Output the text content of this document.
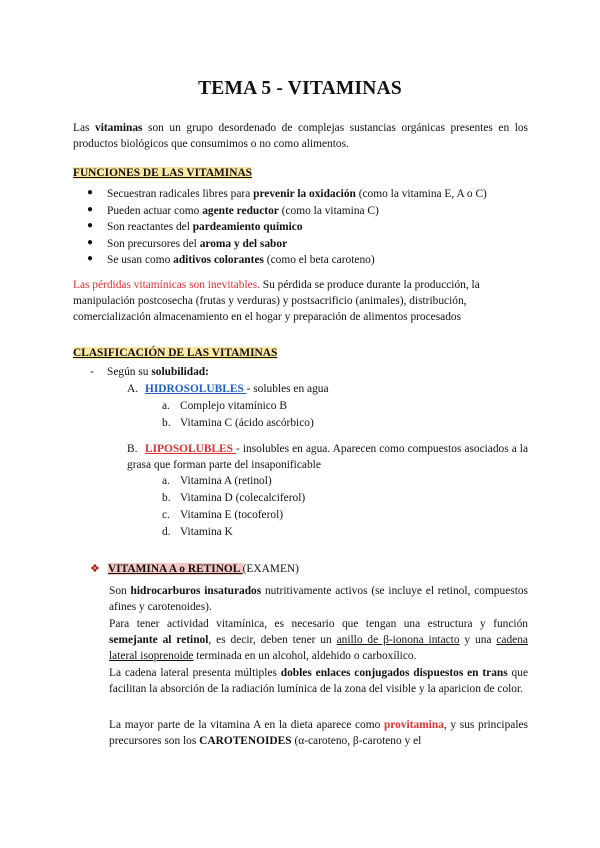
TEMA 5 - VITAMINAS

Las vitaminas son un grupo desordenado de complejas sustancias orgánicas presentes en los productos biológicos que consumimos o no como alimentos.

FUNCIONES DE LAS VITAMINAS

● Secuestran radicales libres para prevenir la oxidación (como la vitamina E, A o C)
● Pueden actuar como agente reductor (como la vitamina C)
● Son reactantes del pardeamiento químico
● Son precursores del aroma y del sabor
● Se usan como aditivos colorantes (como el beta caroteno)

Las pérdidas vitamínicas son inevitables. Su pérdida se produce durante la producción, la manipulación postcosecha (frutas y verduras) y postsacrificio (animales), distribución, comercialización almacenamiento en el hogar y preparación de alimentos procesados

CLASIFICACIÓN DE LAS VITAMINAS

- Según su solubilidad:
A. HIDROSOLUBLES - solubles en agua
a. Complejo vitamínico B
b. Vitamina C (ácido ascórbico)
B. LIPOSOLUBLES - insolubles en agua. Aparecen como compuestos asociados a la grasa que forman parte del insaponificable
a. Vitamina A (retinol)
b. Vitamina D (colecalciferol)
c. Vitamina E (tocoferol)
d. Vitamina K
❖ VITAMINA A o RETINOL (EXAMEN)

Son hidrocarburos insaturados nutritivamente activos (se incluye el retinol, compuestos afines y carotenoides).

Para tener actividad vitamínica, es necesario que tengan una estructura y función semejante al retinol, es decir, deben tener un anillo de β-ionona intacto y una cadena lateral isoprenoide terminada en un alcohol, aldehido o carboxílico.

La cadena lateral presenta múltiples dobles enlaces conjugados dispuestos en trans que facilitan la absorción de la radiación lumínica de la zona del visible y la aparicion de color.

La mayor parte de la vitamina A en la dieta aparece como provitamina, y sus principales precursores son los CAROTENOIDES (α-caroteno, β-caroteno y el
